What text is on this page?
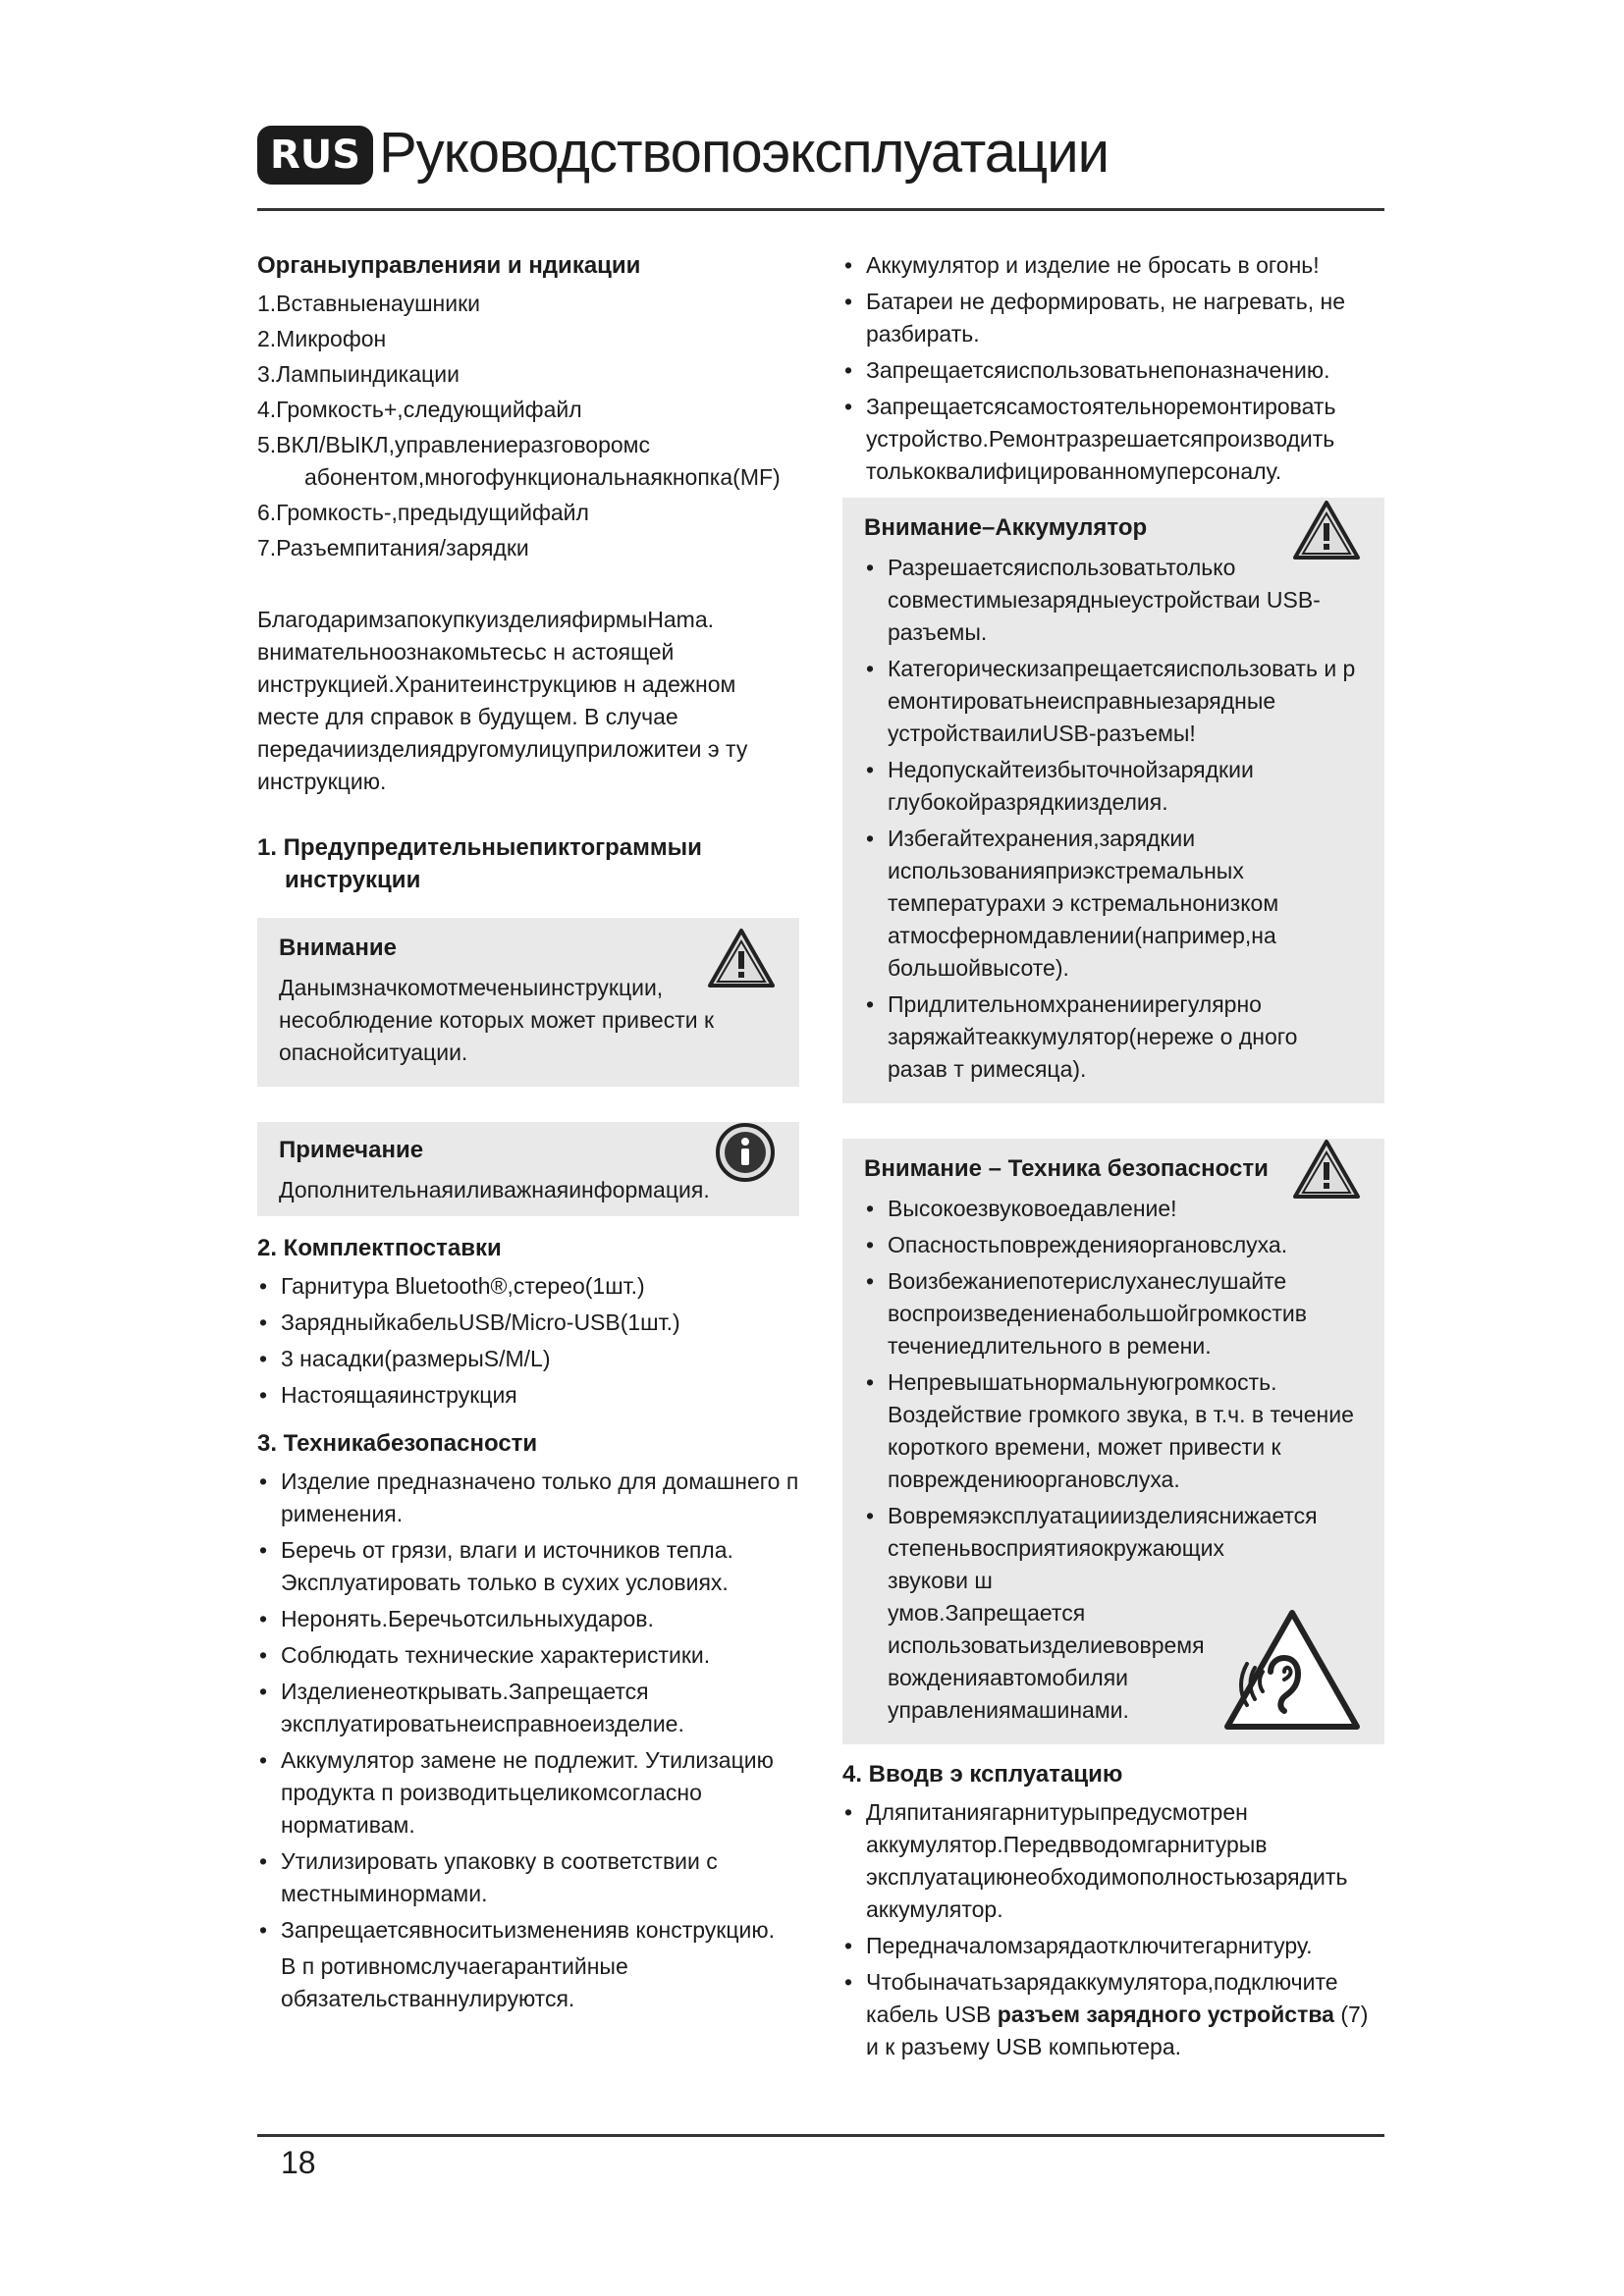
RUS Руководствопоэксплуатации
Органыуправленияи и ндикации
1.Вставныенаушники
2.Микрофон
3.Лампыиндикации
4.Громкость+,следующийфайл
5.ВКЛ/ВЫКЛ,управлениеразговоромс абонентом,многофункциональнаякнопка(MF)
6.Громкость-,предыдущийфайл
7.Разъемпитания/зарядки

БлагодаримзапокупкуизделияфирмыHama. внимательноознакомьтесьс н астоящей инструкцией.Хранитеинструкциюв н адежном месте для справок в будущем. В случае передачиизделиядругомулицуприложитеи э ту инструкцию.

1. Предупредительныепиктограммыи инструкции
Внимание
Данымзначкомотмеченыинструкции, несоблюдение которых может привести к опаснойситуации.
Примечание
Дополнительнаяиливажнаяинформация.
2. Комплектпоставки
• Гарнитура Bluetooth®,стерео(1шт.)
• ЗарядныйкабельUSB/Micro-USB(1шт.)
• 3 насадки(размерыS/M/L)
• Настоящаяинструкция
3. Техникабезопасности
• Изделие предназначено только для домашнего п рименения.
• Беречь от грязи, влаги и источников тепла. Эксплуатировать только в сухих условиях.
• Неронять.Беречьотсильныхударов.
• Соблюдать технические характеристики.
• Изделиенеоткрывать.Запрещается эксплуатироватьнеисправноеизделие.
• Аккумулятор замене не подлежит. Утилизацию продукта п роизводитьцеликомсогласно нормативам.
• Утилизировать упаковку в соответствии с местныминормами.
• Запрещаетсявноситьизмененияв конструкцию.
В п ротивномслучаегарантийные обязательстваннулируются.
• Аккумулятор и изделие не бросать в огонь!
• Батареи не деформировать, не нагревать, не разбирать.
• Запрещаетсяиспользоватьнепоназначению.
• Запрещаетсясамостоятельноремонтировать устройство.Ремонтразрешаетсяпроизводить толькоквалифицированномуперсоналу.
Внимание–Аккумулятор
• Разрешаетсяиспользоватьтолько совместимыезарядныеустройстваи USB-разъемы.
• Категорическизапрещаетсяиспользовать и р емонтироватьнеисправныезарядные устройстваилиUSB-разъемы!
• Недопускайтеизбыточнойзарядкии глубокойразрядкиизделия.
• Избегайтехранения,зарядкии использованияприэкстремальных температурахи э кстремальнонизком атмосферномдавлении(например,на большойвысоте).
• Придлительномхранениирегулярно заряжайтеаккумулятор(нереже о дного разав т римесяца).
Внимание – Техника безопасности
• Высокоезвуковоедавление!
• Опасностьповрежденияорганoвслуха.
• Воизбежаниепотерислуханеслушайте воспроизведениенабольшойгромкостив течениедлительного в ремени.
• Непревышатьнормальнуюгромкость. Воздействие громкого звука, в т.ч. в течение короткого времени, может привести к повреждениюорганoвслуха.
• Вовремяэксплуатацииизделияснижается степеньвосприятияокружающих звукови ш умов.Запрещается использоватьизделиевовремя вожденияавтомобиляи управлениямашинами.
4. Вводв э ксплуатацию
• Дляпитаниягарнитурыпредусмотрен аккумулятор.Передвводомгарнитурыв эксплуатациюнеобходимополностьюзарядить аккумулятор.
• Передначаломзарядаотключитегарнитуру.
• Чтобыначатьзарядаккумулятора,подключите кабель USB разъем зарядного устройства (7) и к разъему USB компьютера.
18
